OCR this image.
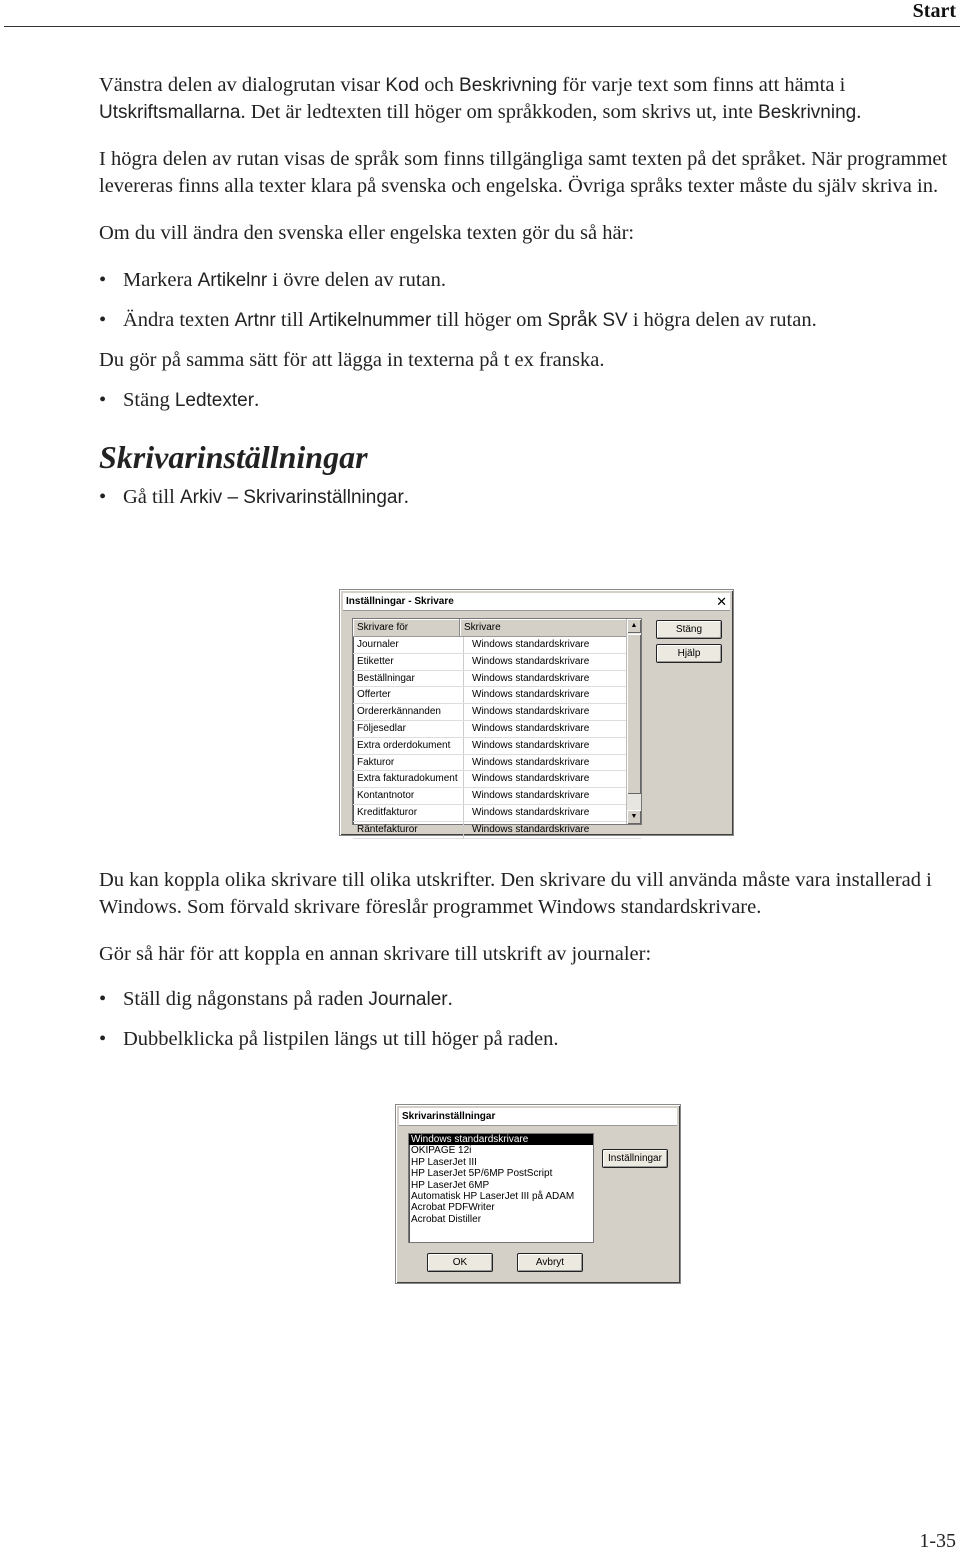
Start

Vänstra delen av dialogrutan visar Kod och Beskrivning för varje text som finns att hämta i Utskriftsmallarna. Det är ledtexten till höger om språkkoden, som skrivs ut, inte Beskrivning.

I högra delen av rutan visas de språk som finns tillgängliga samt texten på det språket. När programmet levereras finns alla texter klara på svenska och engelska. Övriga språks texter måste du själv skriva in.

Om du vill ändra den svenska eller engelska texten gör du så här:

• Markera Artikelnr i övre delen av rutan.
• Ändra texten Artnr till Artikelnummer till höger om Språk SV i högra delen av rutan.

Du gör på samma sätt för att lägga in texterna på t ex franska.

• Stäng Ledtexter.
Skrivarinställningar
• Gå till Arkiv – Skrivarinställningar.
Inställningar - Skrivare	✕
Skrivare för	Skrivare
Journaler	Windows standardskrivare
Etiketter	Windows standardskrivare
Beställningar	Windows standardskrivare
Offerter	Windows standardskrivare
Ordererkännanden	Windows standardskrivare
Följesedlar	Windows standardskrivare
Extra orderdokument	Windows standardskrivare
Fakturor	Windows standardskrivare
Extra fakturadokument	Windows standardskrivare
Kontantnotor	Windows standardskrivare
Kreditfakturor	Windows standardskrivare
Räntefakturor	Windows standardskrivare
▲
▼
Stäng
Hjälp

Du kan koppla olika skrivare till olika utskrifter. Den skrivare du vill använda måste vara installerad i Windows. Som förvald skrivare föreslår programmet Windows standardskrivare.

Gör så här för att koppla en annan skrivare till utskrift av journaler:

• Ställ dig någonstans på raden Journaler.
• Dubbelklicka på listpilen längs ut till höger på raden.
Skrivarinställningar
Windows standardskrivare
OKIPAGE 12i
HP LaserJet III
HP LaserJet 5P/6MP PostScript
HP LaserJet 6MP
Automatisk HP LaserJet III på ADAM
Acrobat PDFWriter
Acrobat Distiller
Inställningar
OK	Avbryt
1-35
